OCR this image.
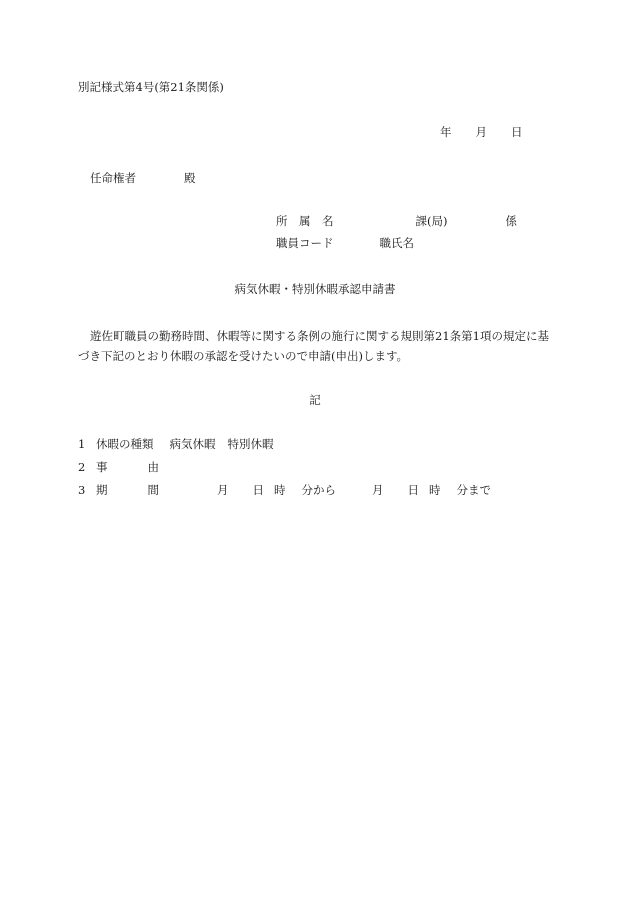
別記様式第4号(第21条関係)
年 月 日
任命権者	殿
所　属　名	課(局)	係
職員コード	職氏名
病気休暇・特別休暇承認申請書
遊佐町職員の勤務時間、休暇等に関する条例の施行に関する規則第21条第1項の規定に基づき下記のとおり休暇の承認を受けたいので申請(申出)します。
記
1 休暇の種類 病気休暇 特別休暇
2 事	由
3 期	間	月 日 時 分から	月 日 時 分まで
